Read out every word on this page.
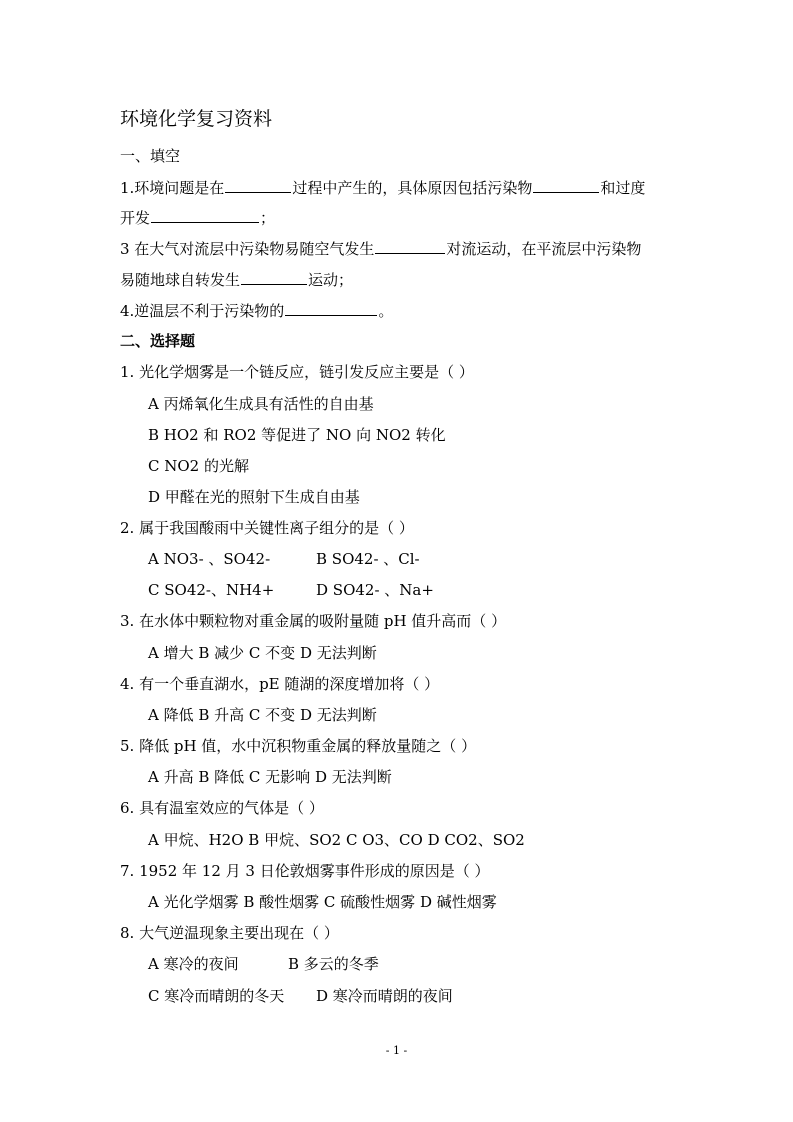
环境化学复习资料
一、填空
1.环境问题是在	过程中产生的，具体原因包括污染物	和过度
开发	；
3 在大气对流层中污染物易随空气发生	对流运动，在平流层中污染物
易随地球自转发生	运动；
4.逆温层不利于污染物的	。
二、选择题
1. 光化学烟雾是一个链反应，链引发反应主要是（ ）
A 丙烯氧化生成具有活性的自由基
B HO2 和 RO2 等促进了 NO 向 NO2 转化
C NO2 的光解
D 甲醛在光的照射下生成自由基
2. 属于我国酸雨中关键性离子组分的是（ ）
A NO3- 、SO42-	B SO42- 、Cl-
C SO42-、NH4+	D SO42- 、Na+
3. 在水体中颗粒物对重金属的吸附量随 pH 值升高而（ ）
A 增大 B 减少 C 不变 D 无法判断
4. 有一个垂直湖水，pE 随湖的深度增加将（ ）
A 降低 B 升高 C 不变 D 无法判断
5. 降低 pH 值，水中沉积物重金属的释放量随之（ ）
A 升高 B 降低 C 无影响 D 无法判断
6. 具有温室效应的气体是（ ）
A 甲烷、H2O B 甲烷、SO2 C O3、CO D CO2、SO2
7. 1952 年 12 月 3 日伦敦烟雾事件形成的原因是（ ）
A 光化学烟雾 B 酸性烟雾 C 硫酸性烟雾 D 碱性烟雾
8. 大气逆温现象主要出现在（ ）
A 寒冷的夜间	B 多云的冬季
C 寒冷而晴朗的冬天 D 寒冷而晴朗的夜间
- 1 -
